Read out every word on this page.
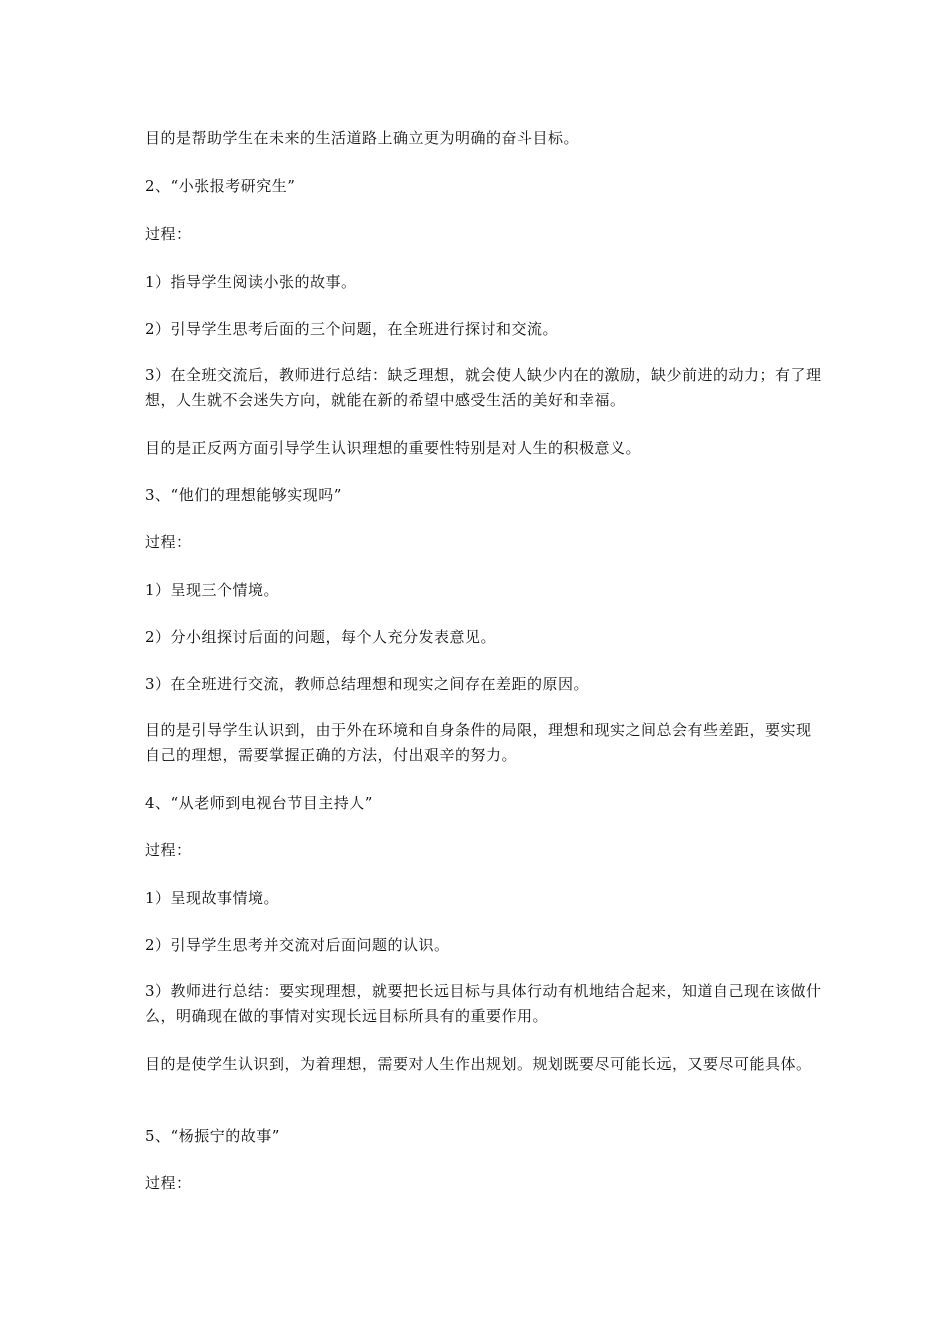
目的是帮助学生在未来的生活道路上确立更为明确的奋斗目标。

2、“小张报考研究生”

过程：

1）指导学生阅读小张的故事。

2）引导学生思考后面的三个问题，在全班进行探讨和交流。

3）在全班交流后，教师进行总结：缺乏理想，就会使人缺少内在的激励，缺少前进的动力；有了理想，人生就不会迷失方向，就能在新的希望中感受生活的美好和幸福。

目的是正反两方面引导学生认识理想的重要性特别是对人生的积极意义。

3、“他们的理想能够实现吗”

过程：

1）呈现三个情境。

2）分小组探讨后面的问题，每个人充分发表意见。

3）在全班进行交流，教师总结理想和现实之间存在差距的原因。

目的是引导学生认识到，由于外在环境和自身条件的局限，理想和现实之间总会有些差距，要实现自己的理想，需要掌握正确的方法，付出艰辛的努力。

4、“从老师到电视台节目主持人”

过程：

1）呈现故事情境。

2）引导学生思考并交流对后面问题的认识。

3）教师进行总结：要实现理想，就要把长远目标与具体行动有机地结合起来，知道自己现在该做什么，明确现在做的事情对实现长远目标所具有的重要作用。

目的是使学生认识到，为着理想，需要对人生作出规划。规划既要尽可能长远，又要尽可能具体。

5、“杨振宁的故事”

过程：
